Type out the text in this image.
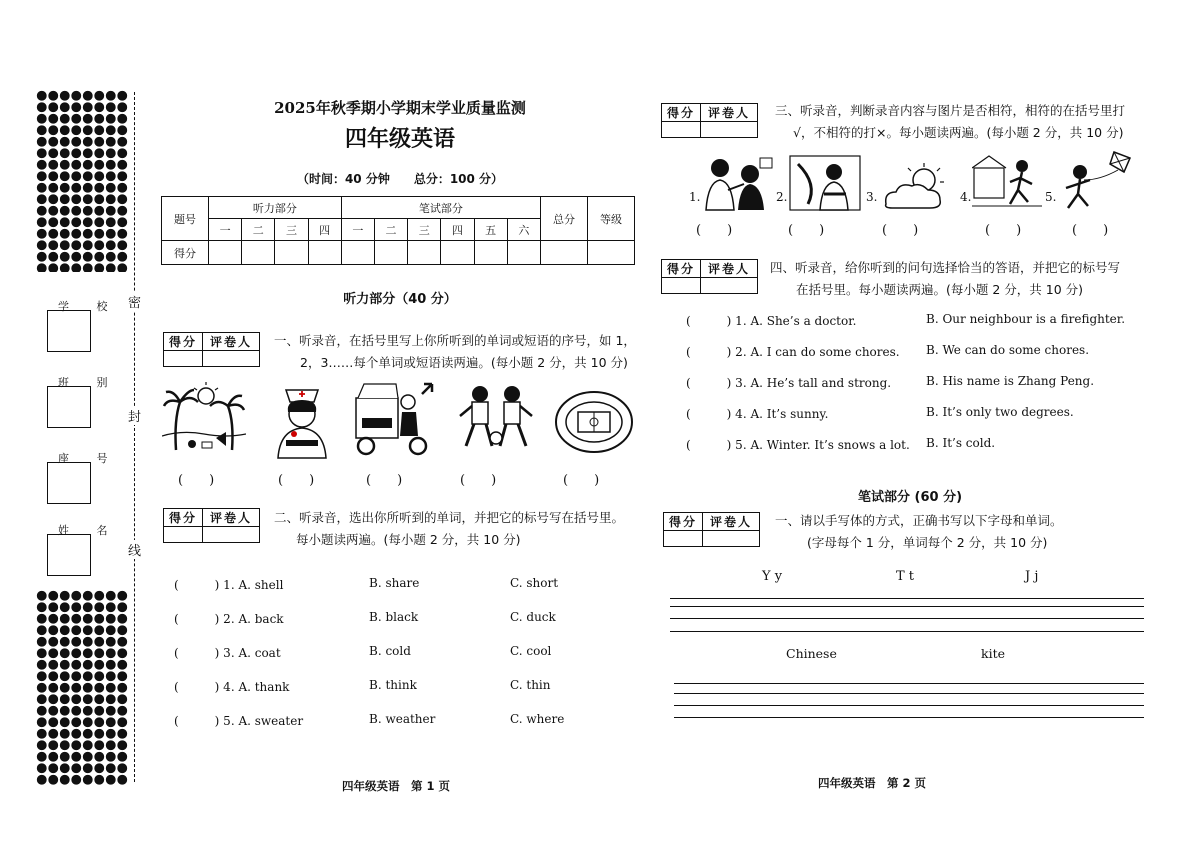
学 校
班 别
座 号
姓 名
密
封
线
2025年秋季期小学期末学业质量监测
四年级英语
（时间：40 分钟　　总分：100 分）
题号	听力部分				笔试部分						总分	等级
	一	二	三	四	一	二	三	四	五	六		
得分												
听力部分（40 分）
得分	评卷人
	一、听录音，在括号里写上你所听到的单词或短语的序号，如 1，
2，3……每个单词或短语读两遍。(每小题 2 分，共 10 分)
(　　)	(　　)	(　　)	(　　)	(　　)
得分	评卷人
	二、听录音，选出你所听到的单词，并把它的标号写在括号里。
每小题读两遍。(每小题 2 分，共 10 分)
(　　　) 1. A. shell	B. share	C. short
(　　　) 2. A. back	B. black	C. duck
(　　　) 3. A. coat	B. cold	C. cool
(　　　) 4. A. thank	B. think	C. thin
(　　　) 5. A. sweater	B. weather	C. where
四年级英语　第 1 页
得分	评卷人
	三、听录音，判断录音内容与图片是否相符，相符的在括号里打
√，不相符的打×。每小题读两遍。(每小题 2 分，共 10 分)
1.	2.	3.	4.	5.
(　　)	(　　)	(　　)	(　　)	(　　)
得分	评卷人
	四、听录音，给你听到的问句选择恰当的答语，并把它的标号写
在括号里。每小题读两遍。(每小题 2 分，共 10 分)
(　　　) 1. A. She’s a doctor.	B. Our neighbour is a firefighter.
(　　　) 2. A. I can do some chores. B. We can do some chores.
(　　　) 3. A. He’s tall and strong.	B. His name is Zhang Peng.
(　　　) 4. A. It’s sunny.	B. It’s only two degrees.
(　　　) 5. A. Winter. It’s snows a lot. B. It’s cold.
笔试部分 (60 分)
得分	评卷人
	一、请以手写体的方式，正确书写以下字母和单词。
(字母每个 1 分，单词每个 2 分，共 10 分)
Y y	T t	J j
Chinese	kite
四年级英语　第 2 页
